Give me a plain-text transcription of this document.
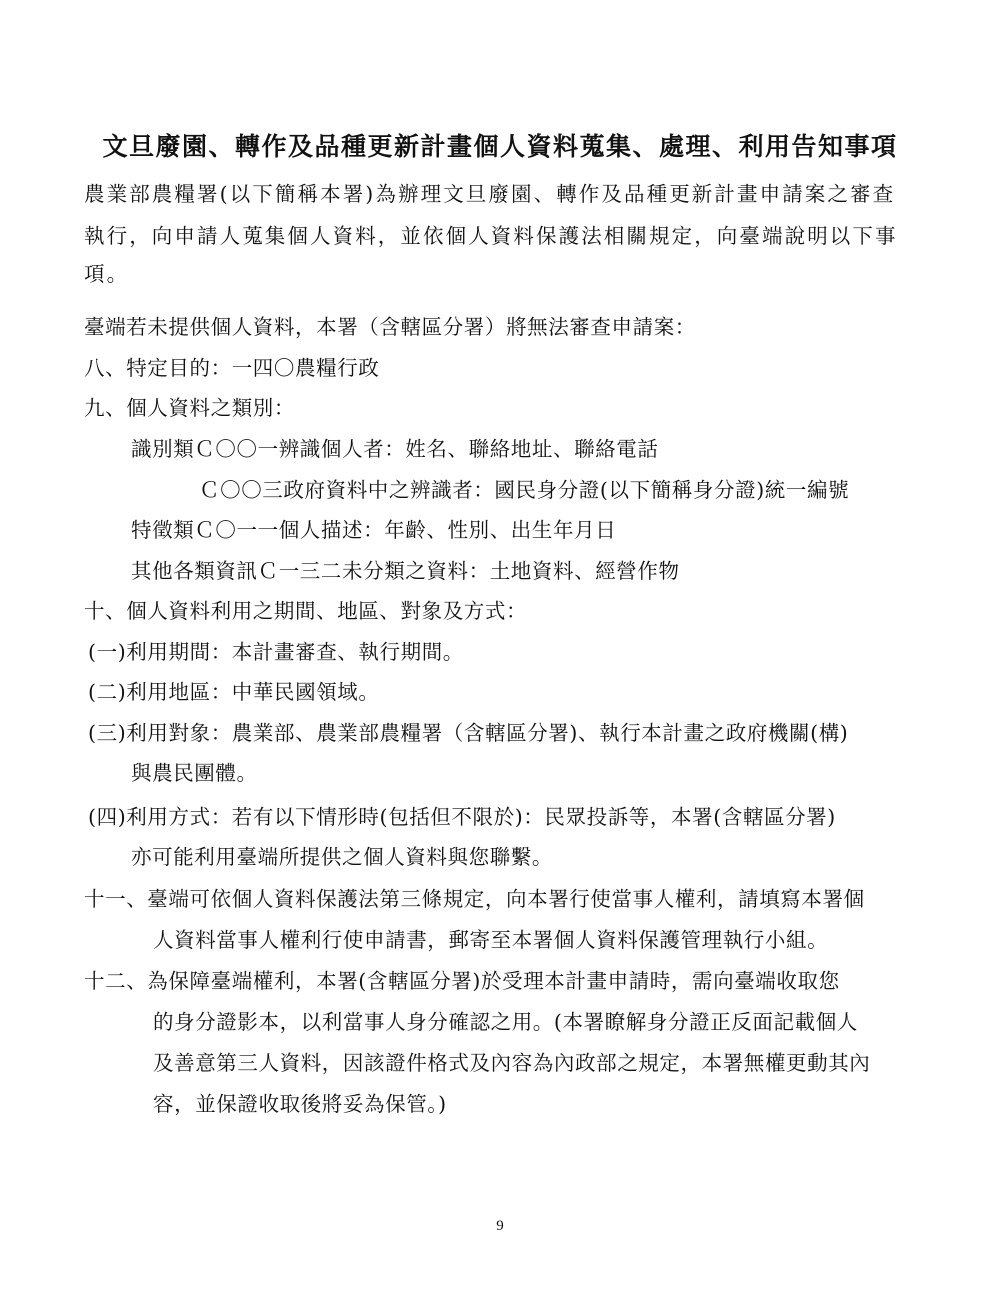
文旦廢園、轉作及品種更新計畫個人資料蒐集、處理、利用告知事項
農業部農糧署(以下簡稱本署)為辦理文旦廢園、轉作及品種更新計畫申請案之審查
執行，向申請人蒐集個人資料，並依個人資料保護法相關規定，向臺端說明以下事
項。
臺端若未提供個人資料，本署（含轄區分署）將無法審查申請案：
八、特定目的：一四〇農糧行政
九、個人資料之類別：
識別類Ｃ〇〇一辨識個人者：姓名、聯絡地址、聯絡電話
Ｃ〇〇三政府資料中之辨識者：國民身分證(以下簡稱身分證)統一編號
特徵類Ｃ〇一一個人描述：年齡、性別、出生年月日
其他各類資訊Ｃ一三二未分類之資料：土地資料、經營作物
十、個人資料利用之期間、地區、對象及方式：
(一)利用期間：本計畫審查、執行期間。
(二)利用地區：中華民國領域。
(三)利用對象：農業部、農業部農糧署（含轄區分署)、執行本計畫之政府機關(構)
與農民團體。
(四)利用方式：若有以下情形時(包括但不限於)：民眾投訴等，本署(含轄區分署)
亦可能利用臺端所提供之個人資料與您聯繫。
十一、臺端可依個人資料保護法第三條規定，向本署行使當事人權利，請填寫本署個
人資料當事人權利行使申請書，郵寄至本署個人資料保護管理執行小組。
十二、為保障臺端權利，本署(含轄區分署)於受理本計畫申請時，需向臺端收取您
的身分證影本，以利當事人身分確認之用。(本署瞭解身分證正反面記載個人
及善意第三人資料，因該證件格式及內容為內政部之規定，本署無權更動其內
容，並保證收取後將妥為保管。)
9
